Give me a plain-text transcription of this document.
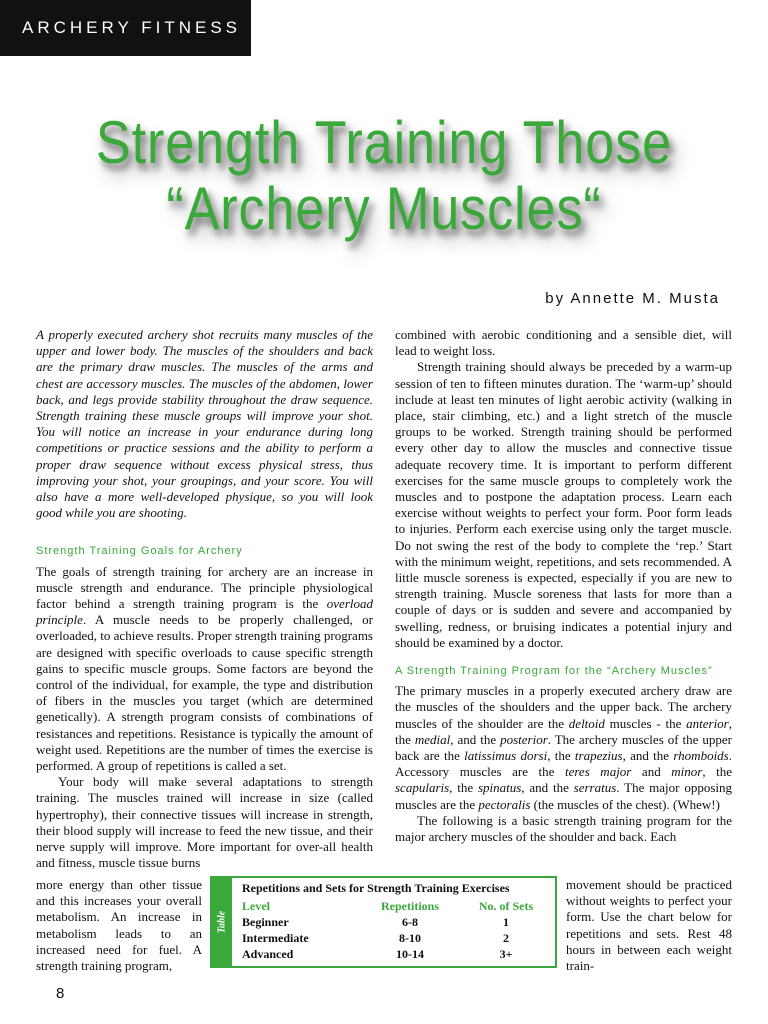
ARCHERY FITNESS
Strength Training Those
“Archery Muscles“
by Annette M. Musta

A properly executed archery shot recruits many muscles of the upper and lower body. The muscles of the shoulders and back are the primary draw muscles. The muscles of the arms and chest are accessory muscles. The muscles of the abdomen, lower back, and legs provide stability throughout the draw sequence. Strength training these muscle groups will improve your shot. You will notice an increase in your endurance during long competitions or practice sessions and the ability to perform a proper draw sequence without excess physical stress, thus improving your shot, your groupings, and your score. You will also have a more well-developed physique, so you will look good while you are shooting.

Strength Training Goals for Archery

The goals of strength training for archery are an increase in muscle strength and endurance. The principle physiological factor behind a strength training program is the overload principle. A muscle needs to be properly challenged, or overloaded, to achieve results. Proper strength training programs are designed with specific overloads to cause specific strength gains to specific muscle groups. Some factors are beyond the control of the individual, for example, the type and distribution of fibers in the muscles you target (which are determined genetically). A strength program consists of combinations of resistances and repetitions. Resistance is typically the amount of weight used. Repetitions are the number of times the exercise is performed. A group of repetitions is called a set.

Your body will make several adaptations to strength training. The muscles trained will increase in size (called hypertrophy), their connective tissues will increase in strength, their blood supply will increase to feed the new tissue, and their nerve supply will improve. More important for over-all health and fitness, muscle tissue burns

more energy than other tissue and this increases your overall metabolism. An increase in metabolism leads to an increased need for fuel. A strength training program,

combined with aerobic conditioning and a sensible diet, will lead to weight loss.

Strength training should always be preceded by a warm-up session of ten to fifteen minutes duration. The ‘warm-up’ should include at least ten minutes of light aerobic activity (walking in place, stair climbing, etc.) and a light stretch of the muscle groups to be worked. Strength training should be performed every other day to allow the muscles and connective tissue adequate recovery time. It is important to perform different exercises for the same muscle groups to completely work the muscles and to postpone the adaptation process. Learn each exercise without weights to perfect your form. Poor form leads to injuries. Perform each exercise using only the target muscle. Do not swing the rest of the body to complete the ‘rep.’ Start with the minimum weight, repetitions, and sets recommended. A little muscle soreness is expected, especially if you are new to strength training. Muscle soreness that lasts for more than a couple of days or is sudden and severe and accompanied by swelling, redness, or bruising indicates a potential injury and should be examined by a doctor.

A Strength Training Program for the “Archery Muscles”

The primary muscles in a properly executed archery draw are the muscles of the shoulders and the upper back. The archery muscles of the shoulder are the deltoid muscles - the anterior, the medial, and the posterior. The archery muscles of the upper back are the latissimus dorsi, the trapezius, and the rhomboids. Accessory muscles are the teres major and minor, the scapularis, the spinatus, and the serratus. The major opposing muscles are the pectoralis (the muscles of the chest). (Whew!)

The following is a basic strength training program for the major archery muscles of the shoulder and back. Each

movement should be practiced without weights to perfect your form. Use the chart below for repetitions and sets. Rest 48 hours in between each weight train-

Table
Repetitions and Sets for Strength Training Exercises
Level	Repetitions	No. of Sets
Beginner	6-8	1
Intermediate	8-10	2
Advanced	10-14	3+
8
